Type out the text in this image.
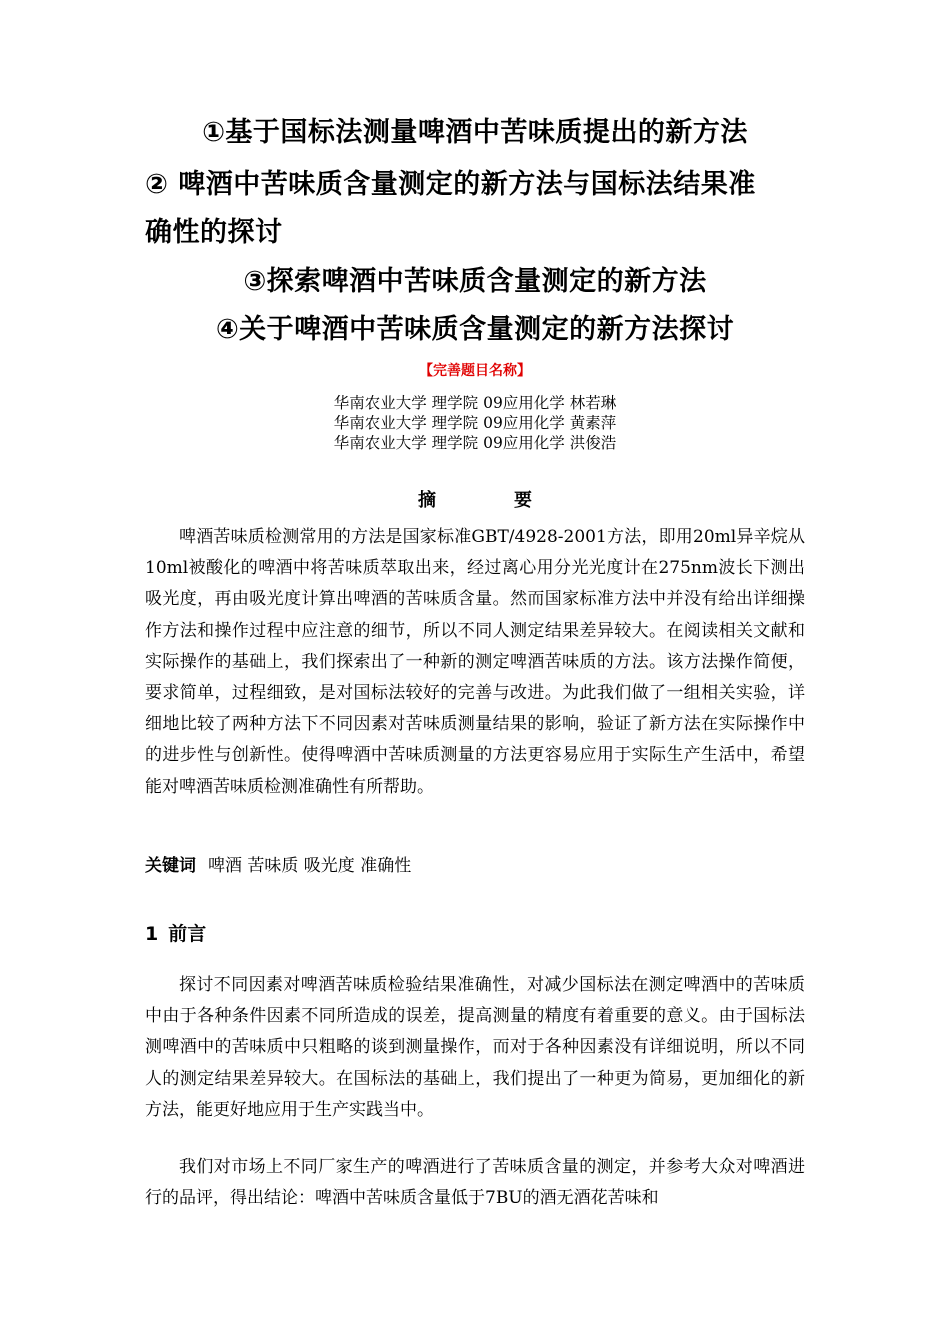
①基于国标法测量啤酒中苦味质提出的新方法
② 啤酒中苦味质含量测定的新方法与国标法结果准
确性的探讨
③探索啤酒中苦味质含量测定的新方法
④关于啤酒中苦味质含量测定的新方法探讨
【完善题目名称】
华南农业大学 理学院 09应用化学 林若琳
华南农业大学 理学院 09应用化学 黄素萍
华南农业大学 理学院 09应用化学 洪俊浩
摘	要
啤酒苦味质检测常用的方法是国家标准GBT/4928-2001方法，即用20ml异辛烷从10ml被酸化的啤酒中将苦味质萃取出来，经过离心用分光光度计在275nm波长下测出吸光度，再由吸光度计算出啤酒的苦味质含量。然而国家标准方法中并没有给出详细操作方法和操作过程中应注意的细节，所以不同人测定结果差异较大。在阅读相关文献和实际操作的基础上，我们探索出了一种新的测定啤酒苦味质的方法。该方法操作简便，要求简单，过程细致，是对国标法较好的完善与改进。为此我们做了一组相关实验，详细地比较了两种方法下不同因素对苦味质测量结果的影响，验证了新方法在实际操作中的进步性与创新性。使得啤酒中苦味质测量的方法更容易应用于实际生产生活中，希望能对啤酒苦味质检测准确性有所帮助。
关键词 啤酒 苦味质 吸光度 准确性
1 前言
探讨不同因素对啤酒苦味质检验结果准确性，对减少国标法在测定啤酒中的苦味质中由于各种条件因素不同所造成的误差，提高测量的精度有着重要的意义。由于国标法测啤酒中的苦味质中只粗略的谈到测量操作，而对于各种因素没有详细说明，所以不同人的测定结果差异较大。在国标法的基础上，我们提出了一种更为简易，更加细化的新方法，能更好地应用于生产实践当中。
我们对市场上不同厂家生产的啤酒进行了苦味质含量的测定，并参考大众对啤酒进行的品评，得出结论：啤酒中苦味质含量低于7BU的酒无酒花苦味和
